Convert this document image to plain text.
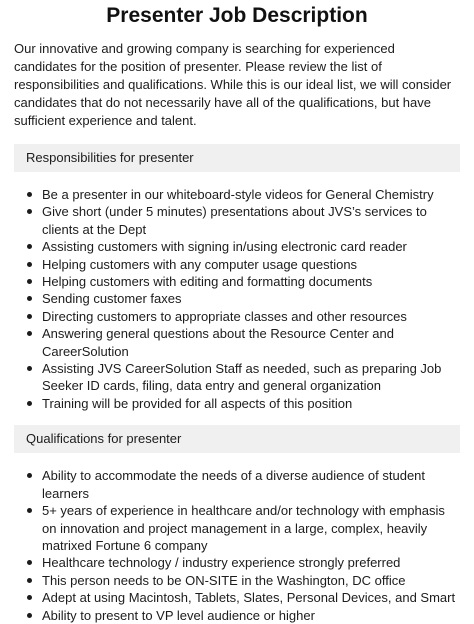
Presenter Job Description

Our innovative and growing company is searching for experienced candidates for the position of presenter. Please review the list of responsibilities and qualifications. While this is our ideal list, we will consider candidates that do not necessarily have all of the qualifications, but have sufficient experience and talent.

Responsibilities for presenter
Be a presenter in our whiteboard-style videos for General Chemistry
Give short (under 5 minutes) presentations about JVS’s services to clients at the Dept
Assisting customers with signing in/using electronic card reader
Helping customers with any computer usage questions
Helping customers with editing and formatting documents
Sending customer faxes
Directing customers to appropriate classes and other resources
Answering general questions about the Resource Center and CareerSolution
Assisting JVS CareerSolution Staff as needed, such as preparing Job Seeker ID cards, filing, data entry and general organization
Training will be provided for all aspects of this position
Qualifications for presenter
Ability to accommodate the needs of a diverse audience of student learners
5+ years of experience in healthcare and/or technology with emphasis on innovation and project management in a large, complex, heavily matrixed Fortune 6 company
Healthcare technology / industry experience strongly preferred
This person needs to be ON-SITE in the Washington, DC office
Adept at using Macintosh, Tablets, Slates, Personal Devices, and Smart
Ability to present to VP level audience or higher
